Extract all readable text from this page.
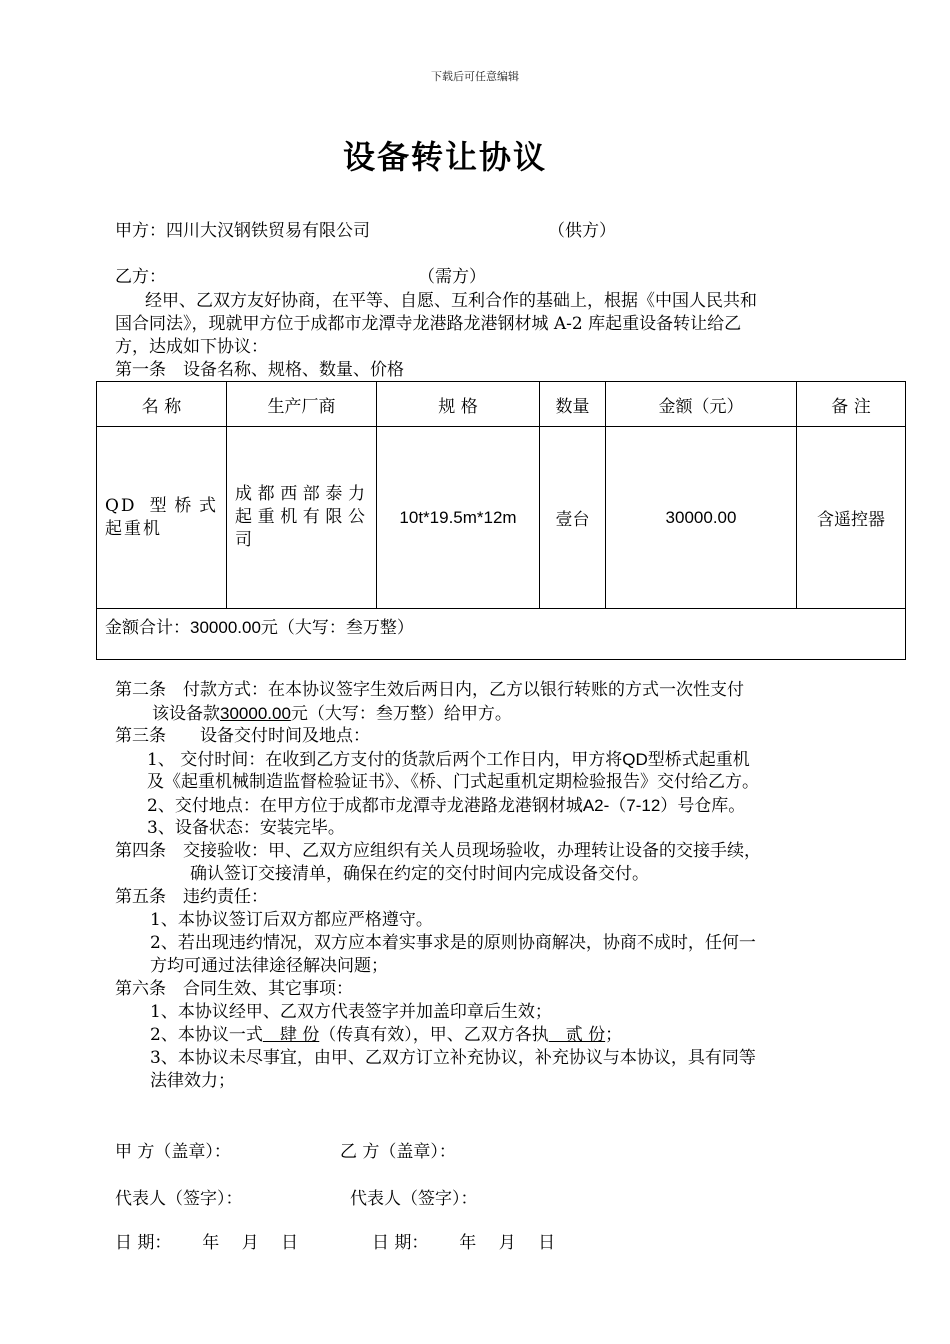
下载后可任意编辑
设备转让协议
甲方：四川大汉钢铁贸易有限公司	（供方）
乙方：	（需方）
经甲、乙双方友好协商，在平等、自愿、互利合作的基础上，根据《中国人民共和
国合同法》，现就甲方位于成都市龙潭寺龙港路龙港钢材城 A-2 库起重设备转让给乙
方，达成如下协议：
第一条　设备名称、规格、数量、价格
名 称	生产厂商	规 格	数量	金额（元）	备 注
QD 型桥式起重机	成都西部泰力起重机有限公司	10t*19.5m*12m	壹台	30000.00	含遥控器
金额合计：30000.00元（大写：叁万整）					
第二条　付款方式：在本协议签字生效后两日内，乙方以银行转账的方式一次性支付
该设备款30000.00元（大写：叁万整）给甲方。
第三条　　设备交付时间及地点：
1、 交付时间：在收到乙方支付的货款后两个工作日内，甲方将QD型桥式起重机
及《起重机械制造监督检验证书》、《桥、门式起重机定期检验报告》交付给乙方。
2、交付地点：在甲方位于成都市龙潭寺龙港路龙港钢材城A2-（7-12）号仓库。
3、设备状态：安装完毕。
第四条　交接验收：甲、乙双方应组织有关人员现场验收，办理转让设备的交接手续，
确认签订交接清单，确保在约定的交付时间内完成设备交付。
第五条　违约责任：
1、本协议签订后双方都应严格遵守。
2、若出现违约情况，双方应本着实事求是的原则协商解决，协商不成时，任何一
方均可通过法律途径解决问题；
第六条　合同生效、其它事项：
1、本协议经甲、乙双方代表签字并加盖印章后生效；
2、本协议一式　肆 份（传真有效），甲、乙双方各执　贰 份；
3、本协议未尽事宜，由甲、乙双方订立补充协议，补充协议与本协议，具有同等
法律效力；
甲 方（盖章）：	乙 方（盖章）：
代表人（签字）：	代表人（签字）：
日 期：　　 年　 月　 日	日 期：　　 年　 月　 日
